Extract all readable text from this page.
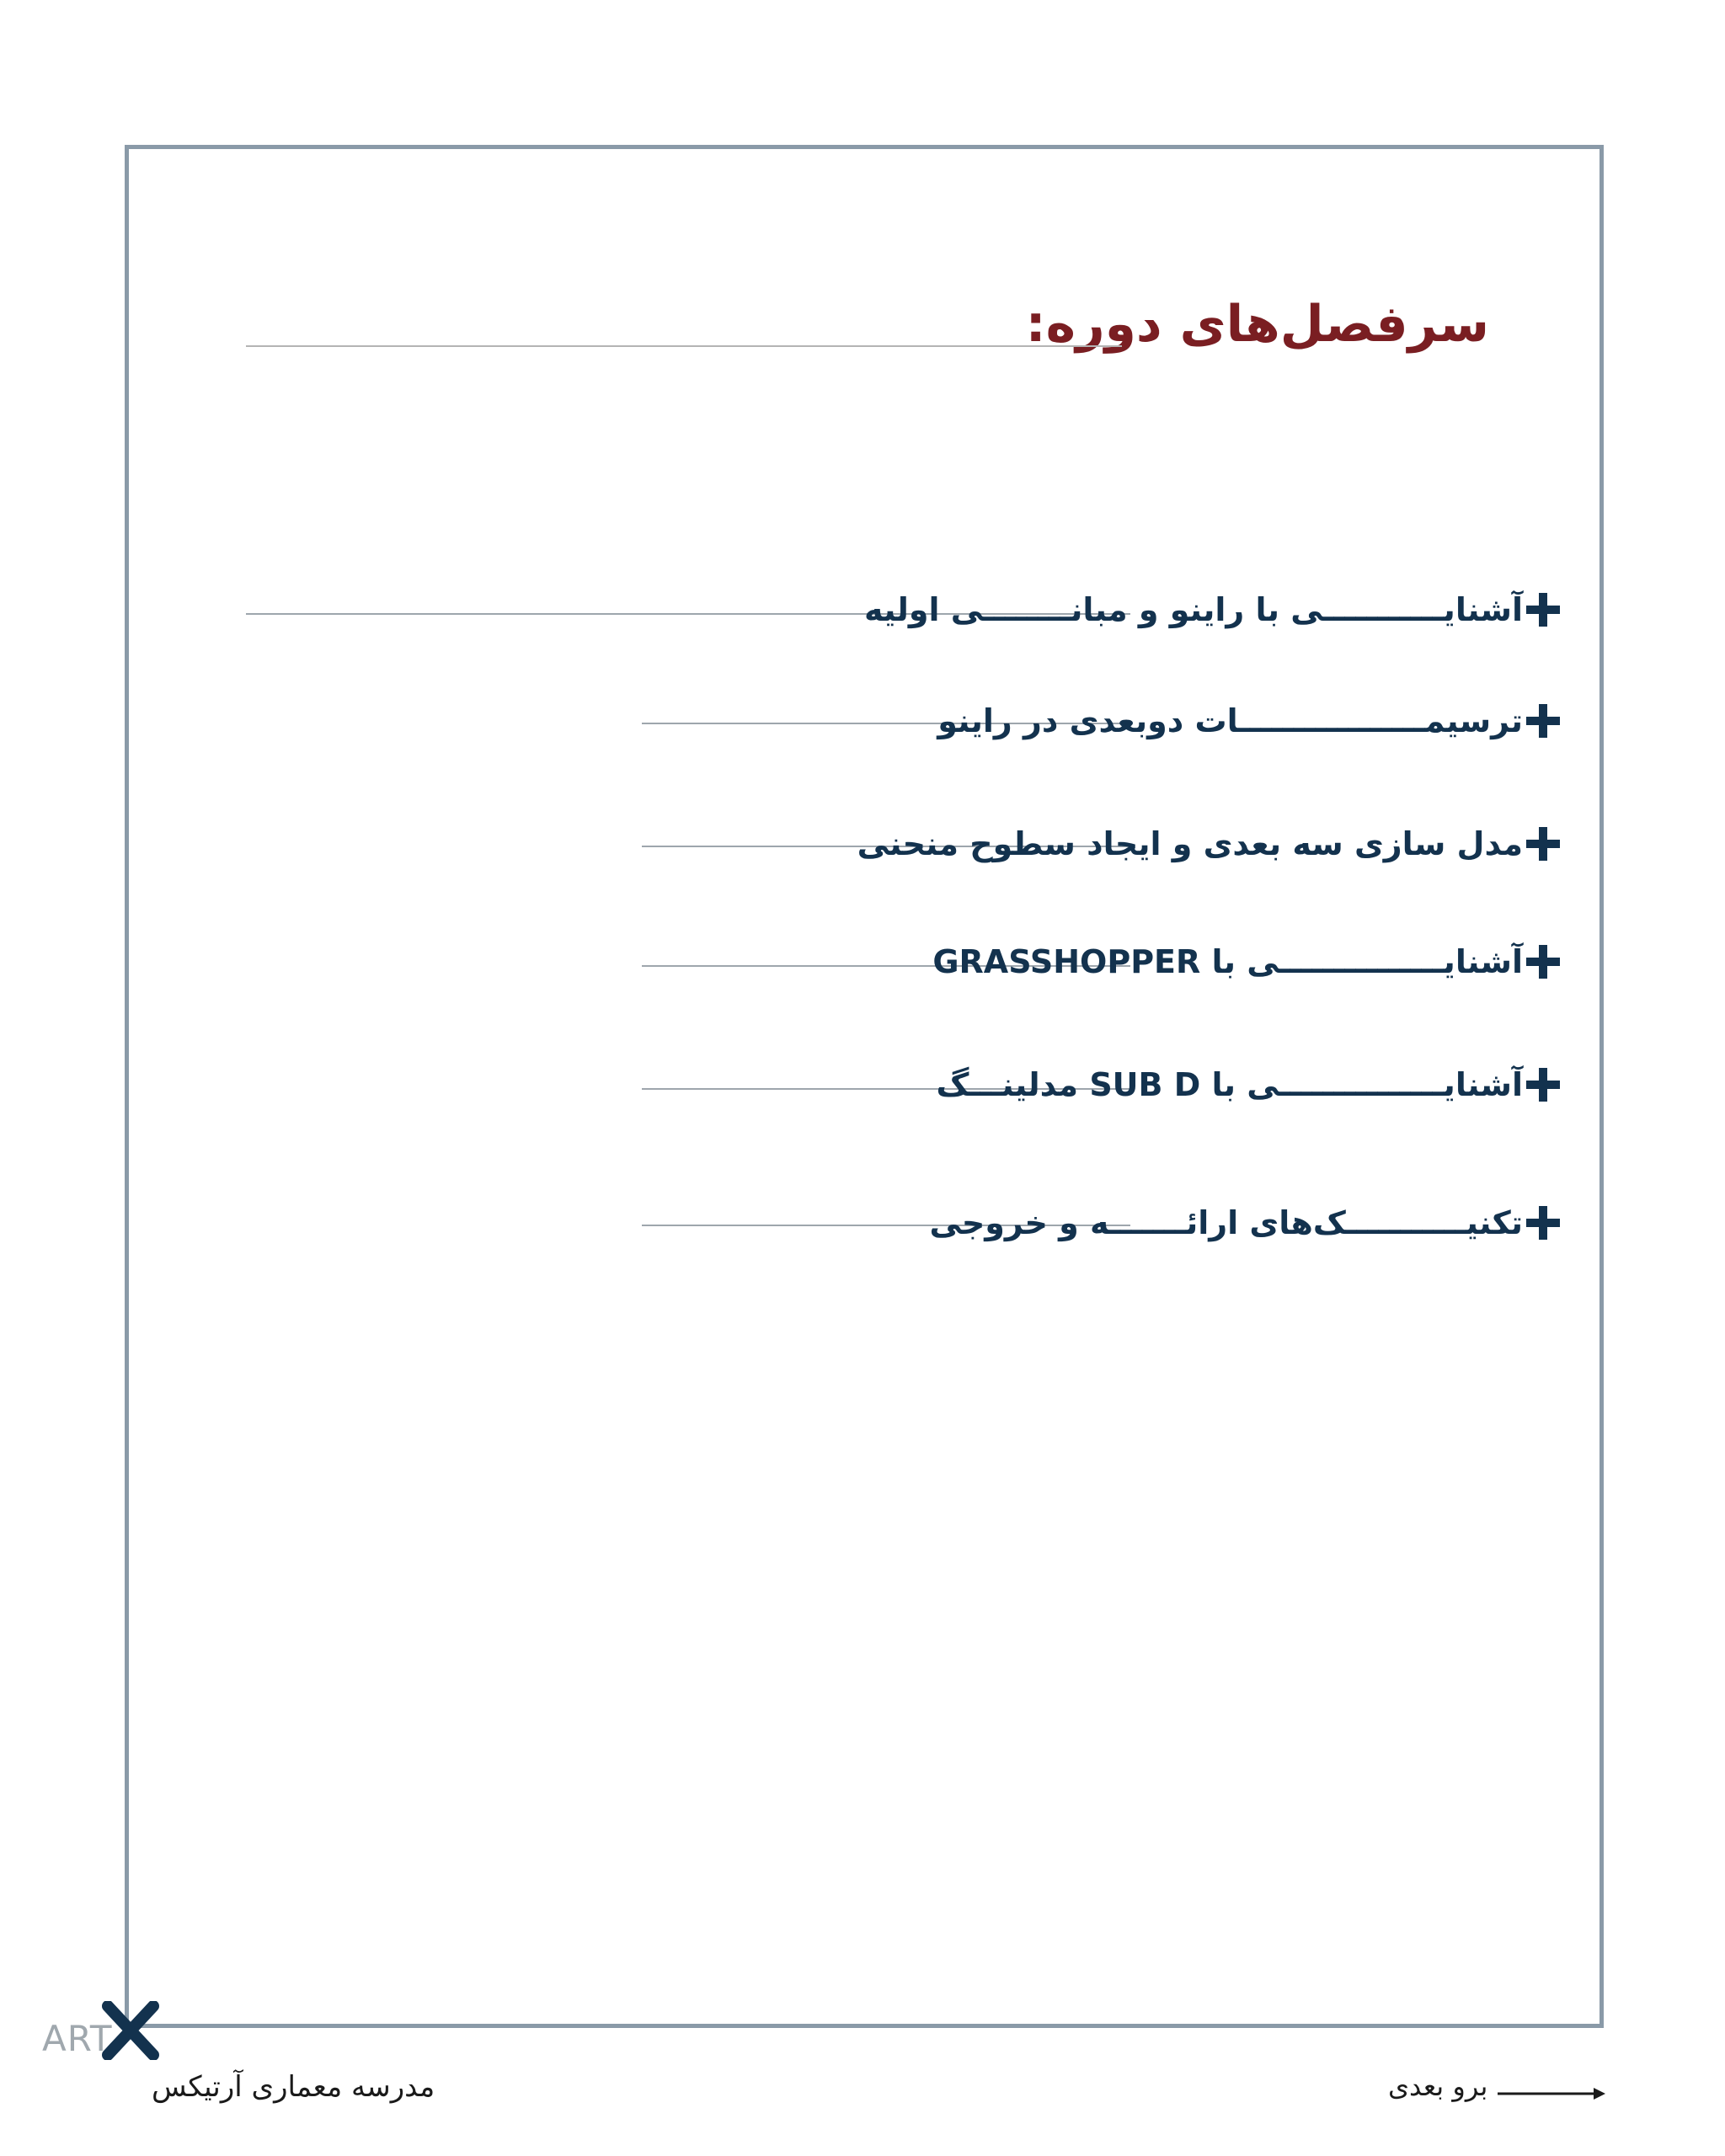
سرفصل‌های دوره:
آشنایـــــــــــی با راینو و مبانــــــــی اولیه
ترسیمـــــــــــــــــات دوبعدی در راینو
مدل سازی سه بعدی و ایجاد سطوح منحنی
آشنایـــــــــــــــی با GRASSHOPPER
آشنایـــــــــــــــی با SUB D مدلینـــگ
تکنیـــــــــــک‌های ارائـــــــه و خروجی
ART
مدرسه معماری آرتیکس	برو بعدی
